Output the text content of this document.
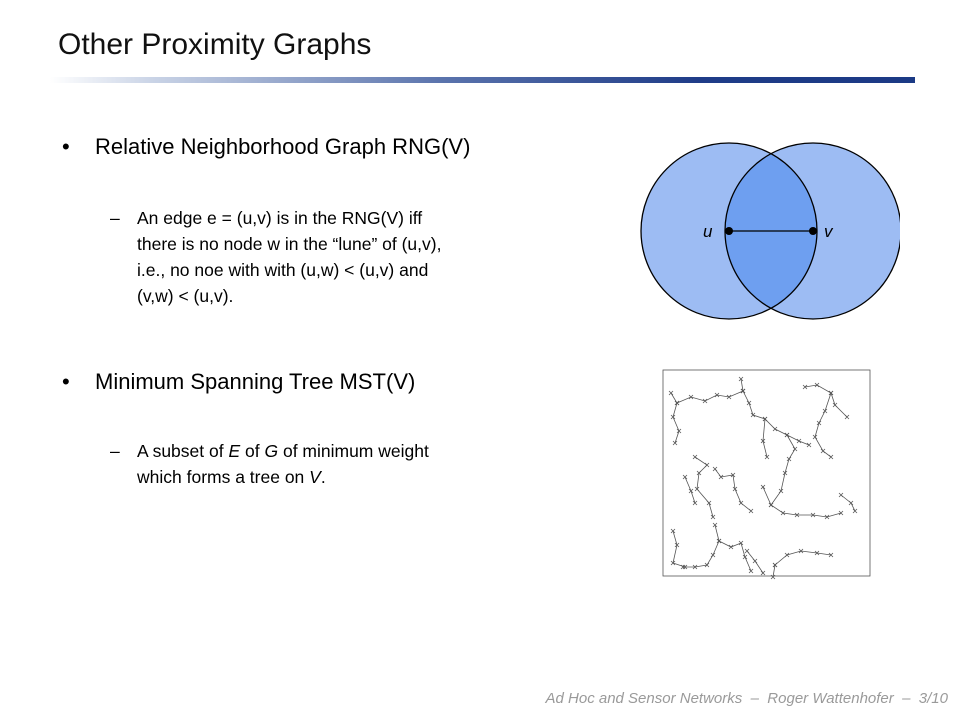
Other Proximity Graphs
• Relative Neighborhood Graph RNG(V)
– An edge e = (u,v) is in the RNG(V) iff
there is no node w in the “lune” of (u,v),
i.e., no noe with with (u,w) < (u,v) and
(v,w) < (u,v).
• Minimum Spanning Tree MST(V)
– A subset of E of G of minimum weight
which forms a tree on V.
u	v
Ad Hoc and Sensor Networks – Roger Wattenhofer – 3/10
